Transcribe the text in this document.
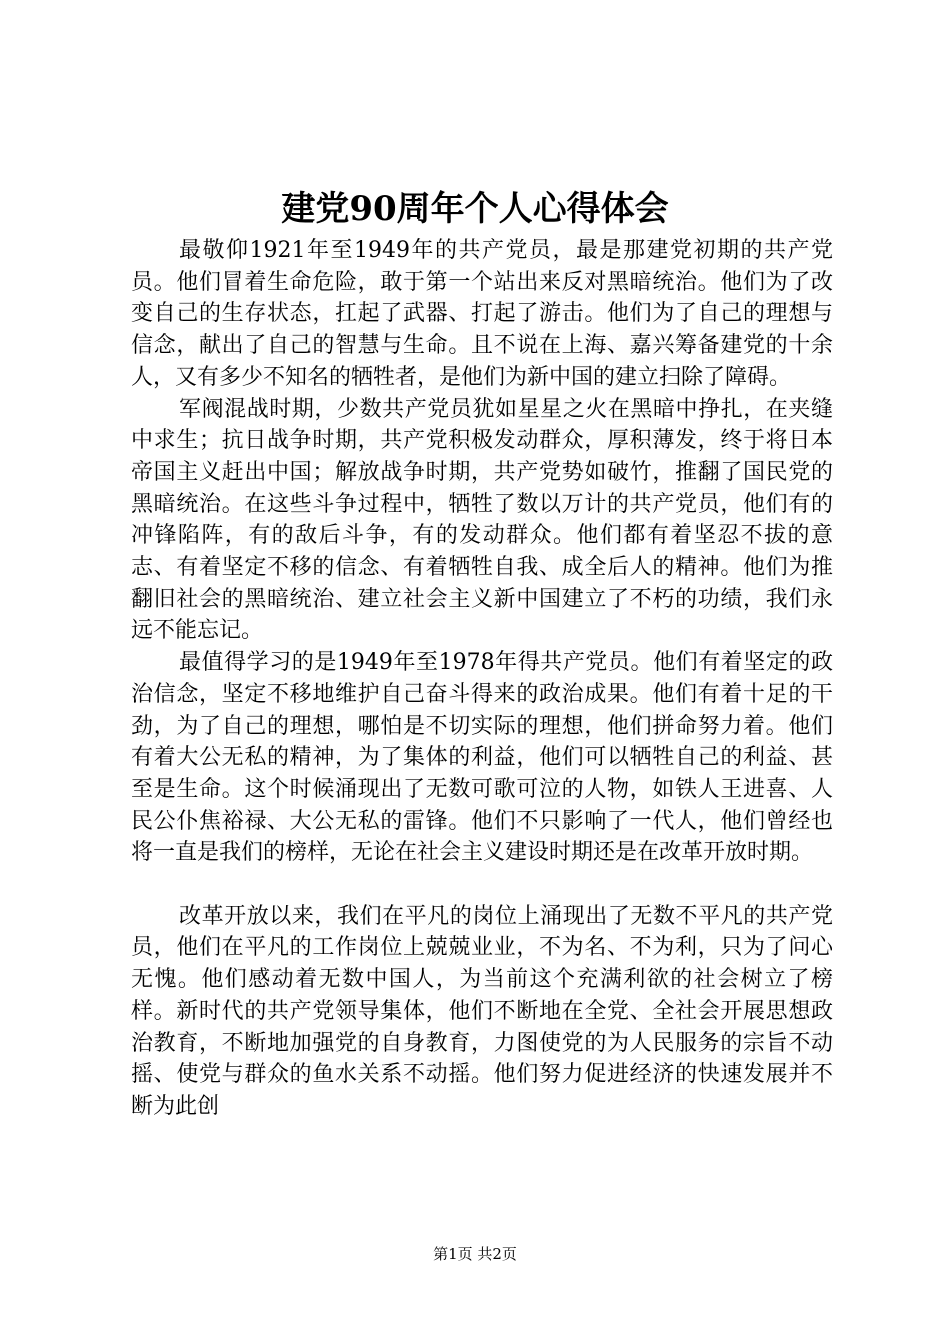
建党90周年个人心得体会

最敬仰1921年至1949年的共产党员，最是那建党初期的共产党员。他们冒着生命危险，敢于第一个站出来反对黑暗统治。他们为了改变自己的生存状态，扛起了武器、打起了游击。他们为了自己的理想与信念，献出了自己的智慧与生命。且不说在上海、嘉兴筹备建党的十余人，又有多少不知名的牺牲者，是他们为新中国的建立扫除了障碍。

军阀混战时期，少数共产党员犹如星星之火在黑暗中挣扎，在夹缝中求生；抗日战争时期，共产党积极发动群众，厚积薄发，终于将日本帝国主义赶出中国；解放战争时期，共产党势如破竹，推翻了国民党的黑暗统治。在这些斗争过程中，牺牲了数以万计的共产党员，他们有的冲锋陷阵，有的敌后斗争，有的发动群众。他们都有着坚忍不拔的意志、有着坚定不移的信念、有着牺牲自我、成全后人的精神。他们为推翻旧社会的黑暗统治、建立社会主义新中国建立了不朽的功绩，我们永远不能忘记。

最值得学习的是1949年至1978年得共产党员。他们有着坚定的政治信念，坚定不移地维护自己奋斗得来的政治成果。他们有着十足的干劲，为了自己的理想，哪怕是不切实际的理想，他们拼命努力着。他们有着大公无私的精神，为了集体的利益，他们可以牺牲自己的利益、甚至是生命。这个时候涌现出了无数可歌可泣的人物，如铁人王进喜、人民公仆焦裕禄、大公无私的雷锋。他们不只影响了一代人，他们曾经也将一直是我们的榜样，无论在社会主义建设时期还是在改革开放时期。

改革开放以来，我们在平凡的岗位上涌现出了无数不平凡的共产党员，他们在平凡的工作岗位上兢兢业业，不为名、不为利，只为了问心无愧。他们感动着无数中国人，为当前这个充满利欲的社会树立了榜样。新时代的共产党领导集体，他们不断地在全党、全社会开展思想政治教育，不断地加强党的自身教育，力图使党的为人民服务的宗旨不动摇、使党与群众的鱼水关系不动摇。他们努力促进经济的快速发展并不断为此创

第1页 共2页
